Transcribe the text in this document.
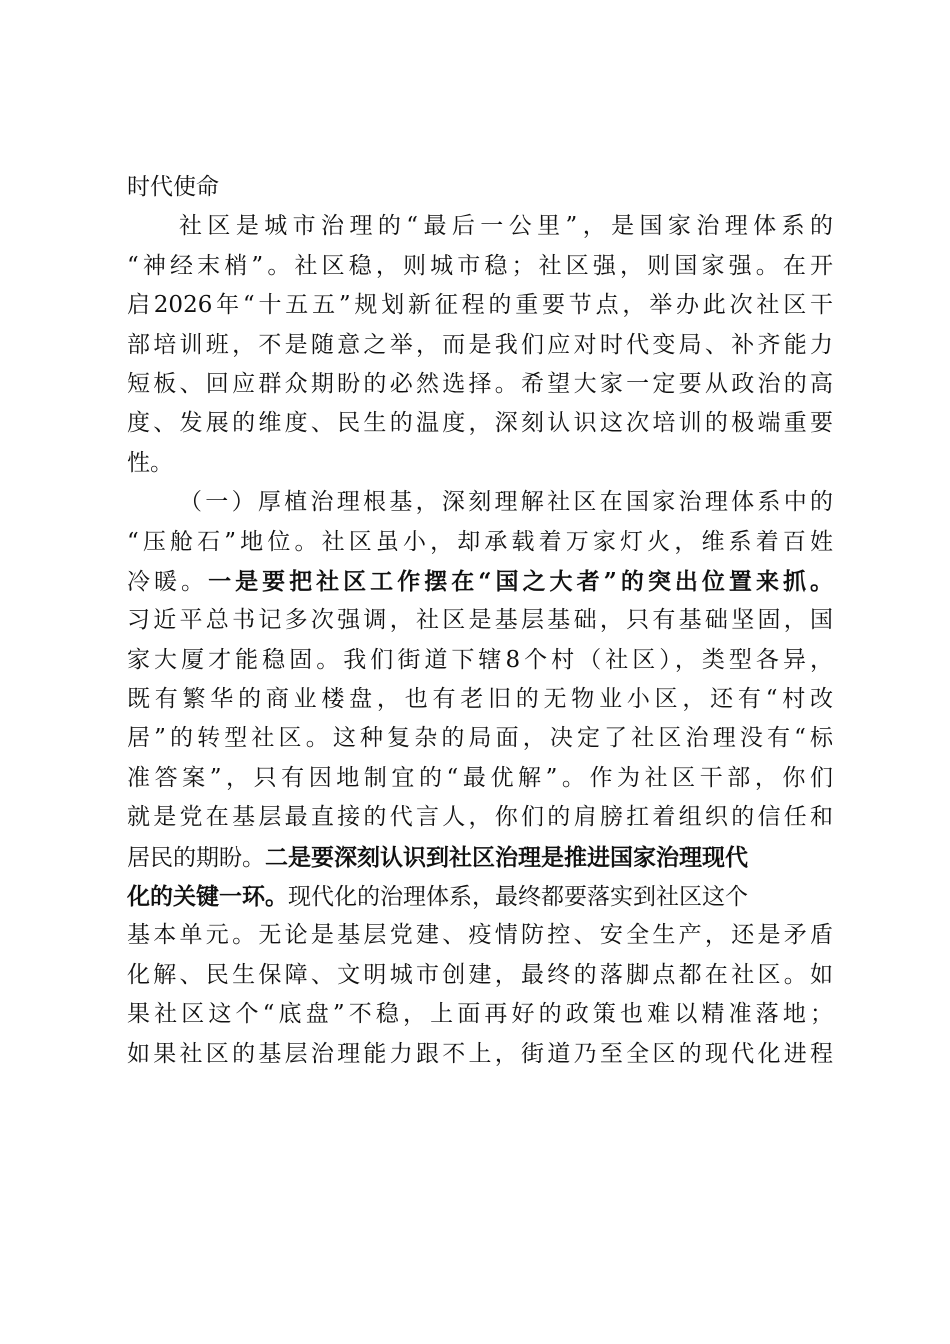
时代使命
社区是城市治理的“最后一公里”，是国家治理体系的
“神经末梢”。社区稳，则城市稳；社区强，则国家强。在开
启2026年“十五五”规划新征程的重要节点，举办此次社区干
部培训班，不是随意之举，而是我们应对时代变局、补齐能力
短板、回应群众期盼的必然选择。希望大家一定要从政治的高
度、发展的维度、民生的温度，深刻认识这次培训的极端重要
性。
（一）厚植治理根基，深刻理解社区在国家治理体系中的
“压舱石”地位。社区虽小，却承载着万家灯火，维系着百姓
冷暖。一是要把社区工作摆在“国之大者”的突出位置来抓。
习近平总书记多次强调，社区是基层基础，只有基础坚固，国
家大厦才能稳固。我们街道下辖8个村（社区），类型各异，
既有繁华的商业楼盘，也有老旧的无物业小区，还有“村改
居”的转型社区。这种复杂的局面，决定了社区治理没有“标
准答案”，只有因地制宜的“最优解”。作为社区干部，你们
就是党在基层最直接的代言人，你们的肩膀扛着组织的信任和
居民的期盼。二是要深刻认识到社区治理是推进国家治理现代
化的关键一环。现代化的治理体系，最终都要落实到社区这个
基本单元。无论是基层党建、疫情防控、安全生产，还是矛盾
化解、民生保障、文明城市创建，最终的落脚点都在社区。如
果社区这个“底盘”不稳，上面再好的政策也难以精准落地；
如果社区的基层治理能力跟不上，街道乃至全区的现代化进程
